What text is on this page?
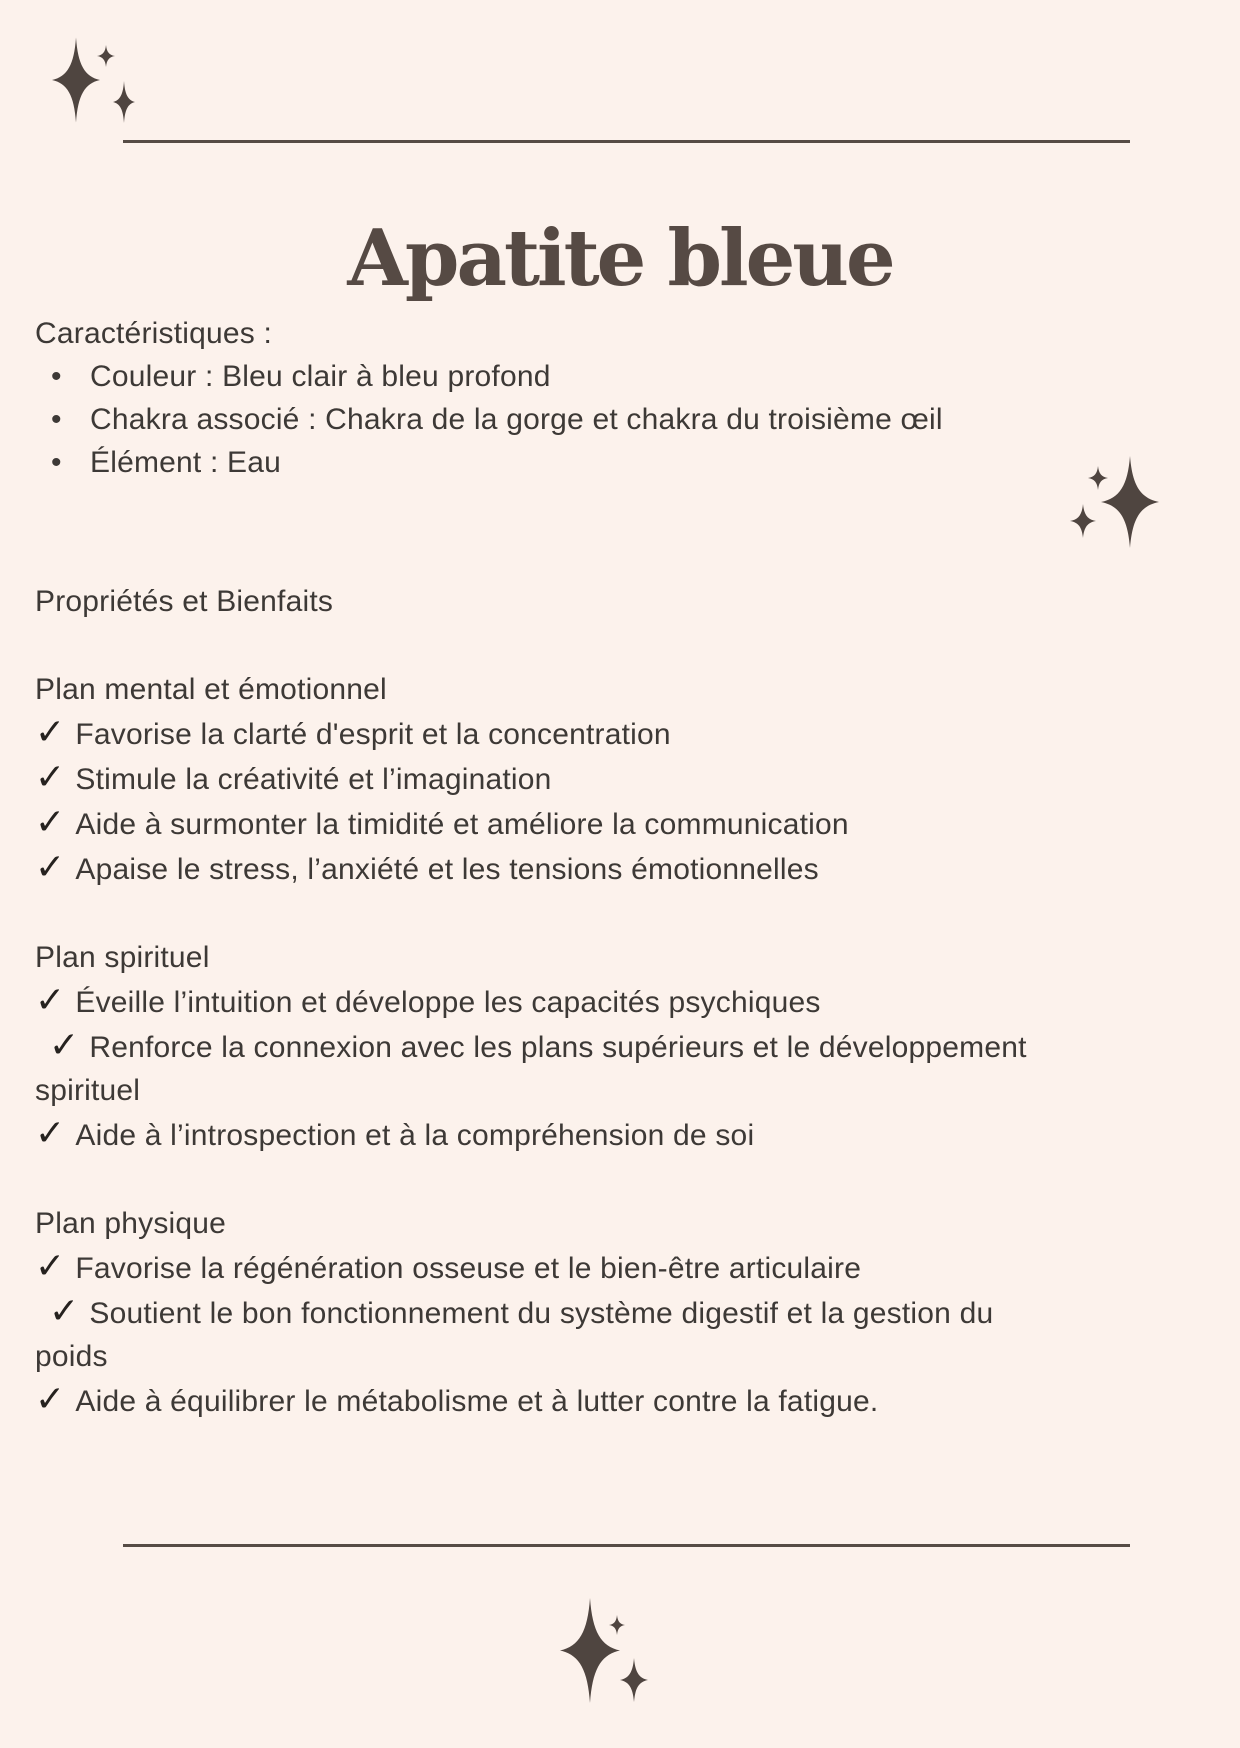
Apatite bleue
Caractéristiques :
• Couleur : Bleu clair à bleu profond
• Chakra associé : Chakra de la gorge et chakra du troisième œil
• Élément : Eau
Propriétés et Bienfaits
Plan mental et émotionnel
✓ Favorise la clarté d'esprit et la concentration
✓ Stimule la créativité et l’imagination
✓ Aide à surmonter la timidité et améliore la communication
✓ Apaise le stress, l’anxiété et les tensions émotionnelles
Plan spirituel
✓ Éveille l’intuition et développe les capacités psychiques
✓ Renforce la connexion avec les plans supérieurs et le développement
spirituel
✓ Aide à l’introspection et à la compréhension de soi
Plan physique
✓ Favorise la régénération osseuse et le bien-être articulaire
✓ Soutient le bon fonctionnement du système digestif et la gestion du
poids
✓ Aide à équilibrer le métabolisme et à lutter contre la fatigue.
